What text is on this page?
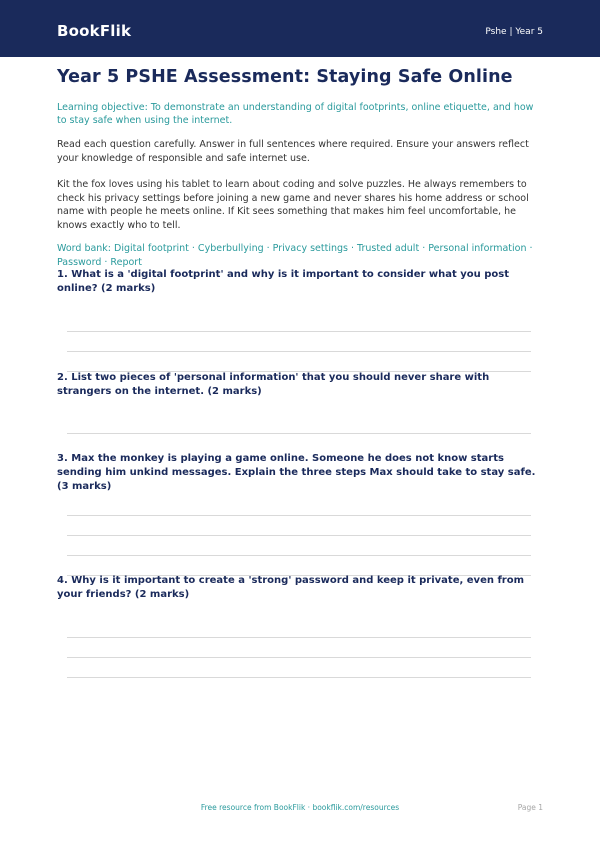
BookFlik	Pshe | Year 5
Year 5 PSHE Assessment: Staying Safe Online
Learning objective: To demonstrate an understanding of digital footprints, online etiquette, and how to stay safe when using the internet.
Read each question carefully. Answer in full sentences where required. Ensure your answers reflect your knowledge of responsible and safe internet use.
Kit the fox loves using his tablet to learn about coding and solve puzzles. He always remembers to check his privacy settings before joining a new game and never shares his home address or school name with people he meets online. If Kit sees something that makes him feel uncomfortable, he knows exactly who to tell.
Word bank: Digital footprint · Cyberbullying · Privacy settings · Trusted adult · Personal information · Password · Report
1. What is a 'digital footprint' and why is it important to consider what you post online? (2 marks)
2. List two pieces of 'personal information' that you should never share with strangers on the internet. (2 marks)
3. Max the monkey is playing a game online. Someone he does not know starts sending him unkind messages. Explain the three steps Max should take to stay safe. (3 marks)
4. Why is it important to create a 'strong' password and keep it private, even from your friends? (2 marks)
Free resource from BookFlik · bookflik.com/resources	Page 1
